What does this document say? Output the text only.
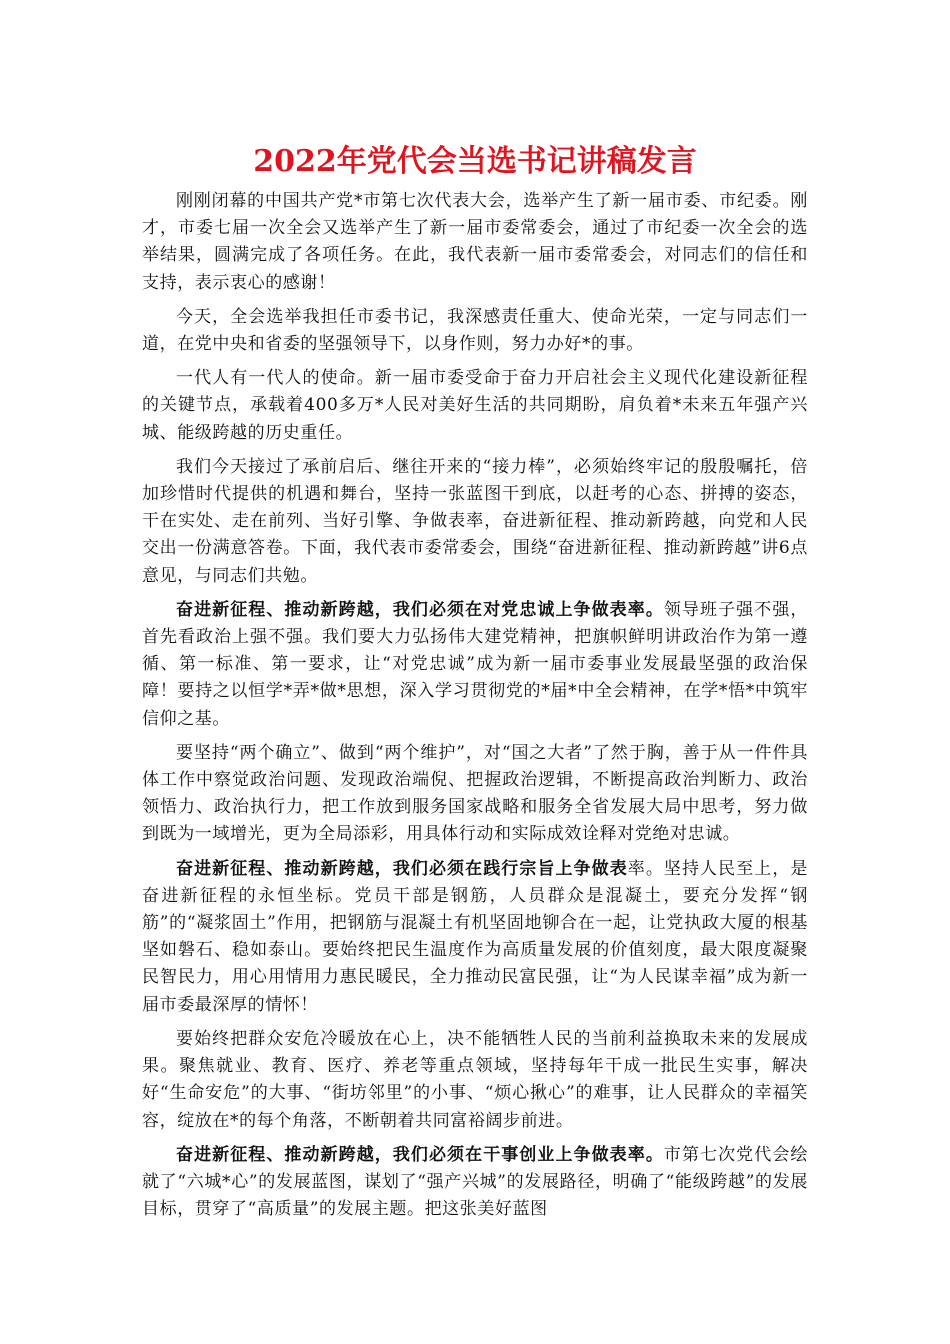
2022年党代会当选书记讲稿发言

刚刚闭幕的中国共产党*市第七次代表大会，选举产生了新一届市委、市纪委。刚才，市委七届一次全会又选举产生了新一届市委常委会，通过了市纪委一次全会的选举结果，圆满完成了各项任务。在此，我代表新一届市委常委会，对同志们的信任和支持，表示衷心的感谢！

今天，全会选举我担任市委书记，我深感责任重大、使命光荣，一定与同志们一道，在党中央和省委的坚强领导下，以身作则，努力办好*的事。

一代人有一代人的使命。新一届市委受命于奋力开启社会主义现代化建设新征程的关键节点，承载着400多万*人民对美好生活的共同期盼，肩负着*未来五年强产兴城、能级跨越的历史重任。

我们今天接过了承前启后、继往开来的“接力棒”，必须始终牢记的殷殷嘱托，倍加珍惜时代提供的机遇和舞台，坚持一张蓝图干到底，以赶考的心态、拼搏的姿态，干在实处、走在前列、当好引擎、争做表率，奋进新征程、推动新跨越，向党和人民交出一份满意答卷。下面，我代表市委常委会，围绕“奋进新征程、推动新跨越”讲6点意见，与同志们共勉。

奋进新征程、推动新跨越，我们必须在对党忠诚上争做表率。领导班子强不强，首先看政治上强不强。我们要大力弘扬伟大建党精神，把旗帜鲜明讲政治作为第一遵循、第一标准、第一要求，让“对党忠诚”成为新一届市委事业发展最坚强的政治保障！要持之以恒学*弄*做*思想，深入学习贯彻党的*届*中全会精神，在学*悟*中筑牢信仰之基。

要坚持“两个确立”、做到“两个维护”，对“国之大者”了然于胸，善于从一件件具体工作中察觉政治问题、发现政治端倪、把握政治逻辑，不断提高政治判断力、政治领悟力、政治执行力，把工作放到服务国家战略和服务全省发展大局中思考，努力做到既为一域增光，更为全局添彩，用具体行动和实际成效诠释对党绝对忠诚。

奋进新征程、推动新跨越，我们必须在践行宗旨上争做表率。坚持人民至上，是奋进新征程的永恒坐标。党员干部是钢筋，人员群众是混凝土，要充分发挥“钢筋”的“凝浆固土”作用，把钢筋与混凝土有机坚固地铆合在一起，让党执政大厦的根基坚如磐石、稳如泰山。要始终把民生温度作为高质量发展的价值刻度，最大限度凝聚民智民力，用心用情用力惠民暖民，全力推动民富民强，让“为人民谋幸福”成为新一届市委最深厚的情怀！

要始终把群众安危冷暖放在心上，决不能牺牲人民的当前利益换取未来的发展成果。聚焦就业、教育、医疗、养老等重点领域，坚持每年干成一批民生实事，解决好“生命安危”的大事、“街坊邻里”的小事、“烦心揪心”的难事，让人民群众的幸福笑容，绽放在*的每个角落，不断朝着共同富裕阔步前进。

奋进新征程、推动新跨越，我们必须在干事创业上争做表率。市第七次党代会绘就了“六城*心”的发展蓝图，谋划了“强产兴城”的发展路径，明确了“能级跨越”的发展目标，贯穿了“高质量”的发展主题。把这张美好蓝图
